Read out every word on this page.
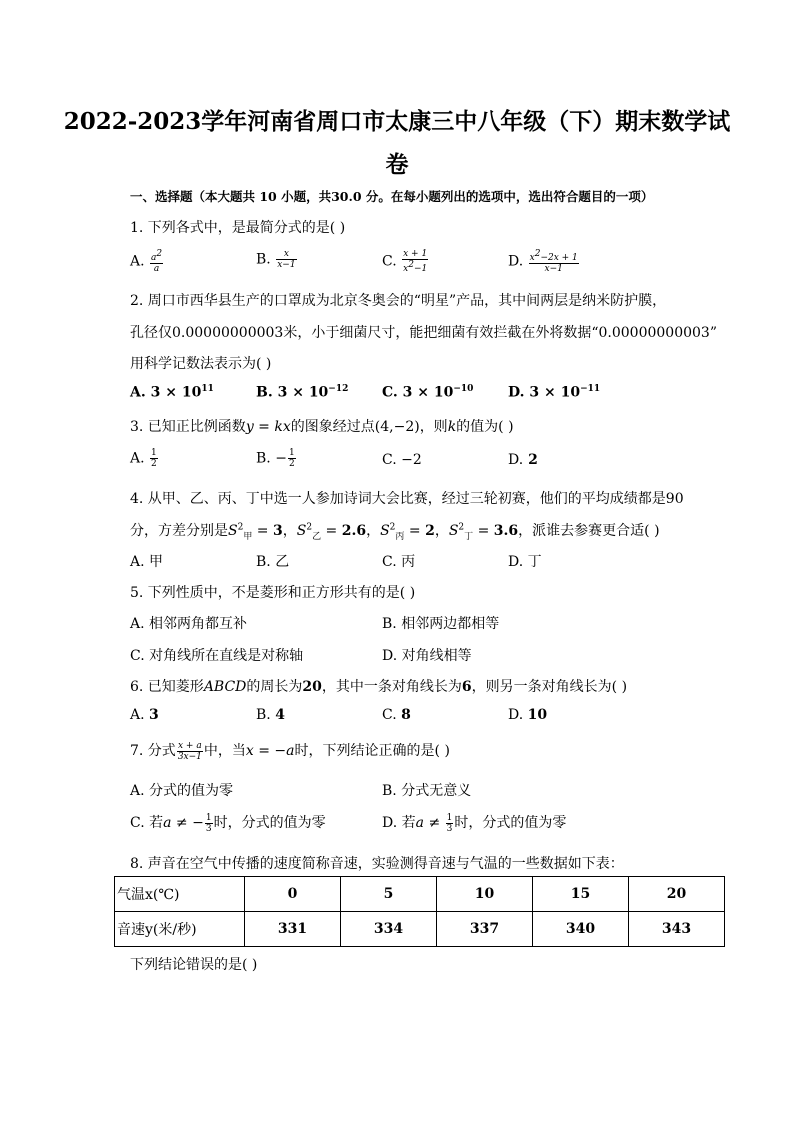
2022-2023学年河南省周口市太康三中八年级（下）期末数学试
卷
一、选择题（本大题共 10 小题，共30.0 分。在每小题列出的选项中，选出符合题目的一项）
1. 下列各式中，是最简分式的是( )
A. $\frac{a^2}{a}$	B. $\frac{x}{x-1}$	C. $\frac{x + 1}{x^2-1}$	D. $\frac{x^2-2x + 1}{x-1}$
2. 周口市西华县生产的口罩成为北京冬奥会的“明星”产品，其中间两层是纳米防护膜，
孔径仅0.00000000003米，小于细菌尺寸，能把细菌有效拦截在外将数据“0.00000000003”
用科学记数法表示为( )
A. $3 \times 10^{11}$	B. $3 \times 10^{-12}$ C. $3 \times 10^{-10}$ D. $3 \times 10^{-11}$
3. 已知正比例函数y = kx的图象经过点(4,−2)，则k的值为( )
A. $\frac{1}{2}$	B. − $\frac{1}{2}$	C. −2	D. 2
4. 从甲、乙、丙、丁中选一人参加诗词大会比赛，经过三轮初赛，他们的平均成绩都是90
分，方差分别是$S^2_甲 = 3$，$S^2_乙 = 2.6$，$S^2_丙 = 2$，$S^2_丁 = 3.6$，派谁去参赛更合适( )
A. 甲	B. 乙	C. 丙	D. 丁
5. 下列性质中，不是菱形和正方形共有的是( )
A. 相邻两角都互补	B. 相邻两边都相等
C. 对角线所在直线是对称轴	D. 对角线相等
6. 已知菱形ABCD的周长为20，其中一条对角线长为6，则另一条对角线长为( )
A. 3	B. 4	C. 8	D. 10
7. 分式 $\frac{x + a}{3x-1}$ 中，当x = −a时，下列结论正确的是( )
A. 分式的值为零	B. 分式无意义
C. 若a ≠ − $\frac{1}{3}$ 时，分式的值为零	D. 若$a \ne \frac{1}{3}$ 时，分式的值为零
8. 声音在空气中传播的速度简称音速，实验测得音速与气温的一些数据如下表：
气温x(℃)	0	5	10	15	20
音速y(米/秒)	331	334	337	340	343
下列结论错误的是( )
